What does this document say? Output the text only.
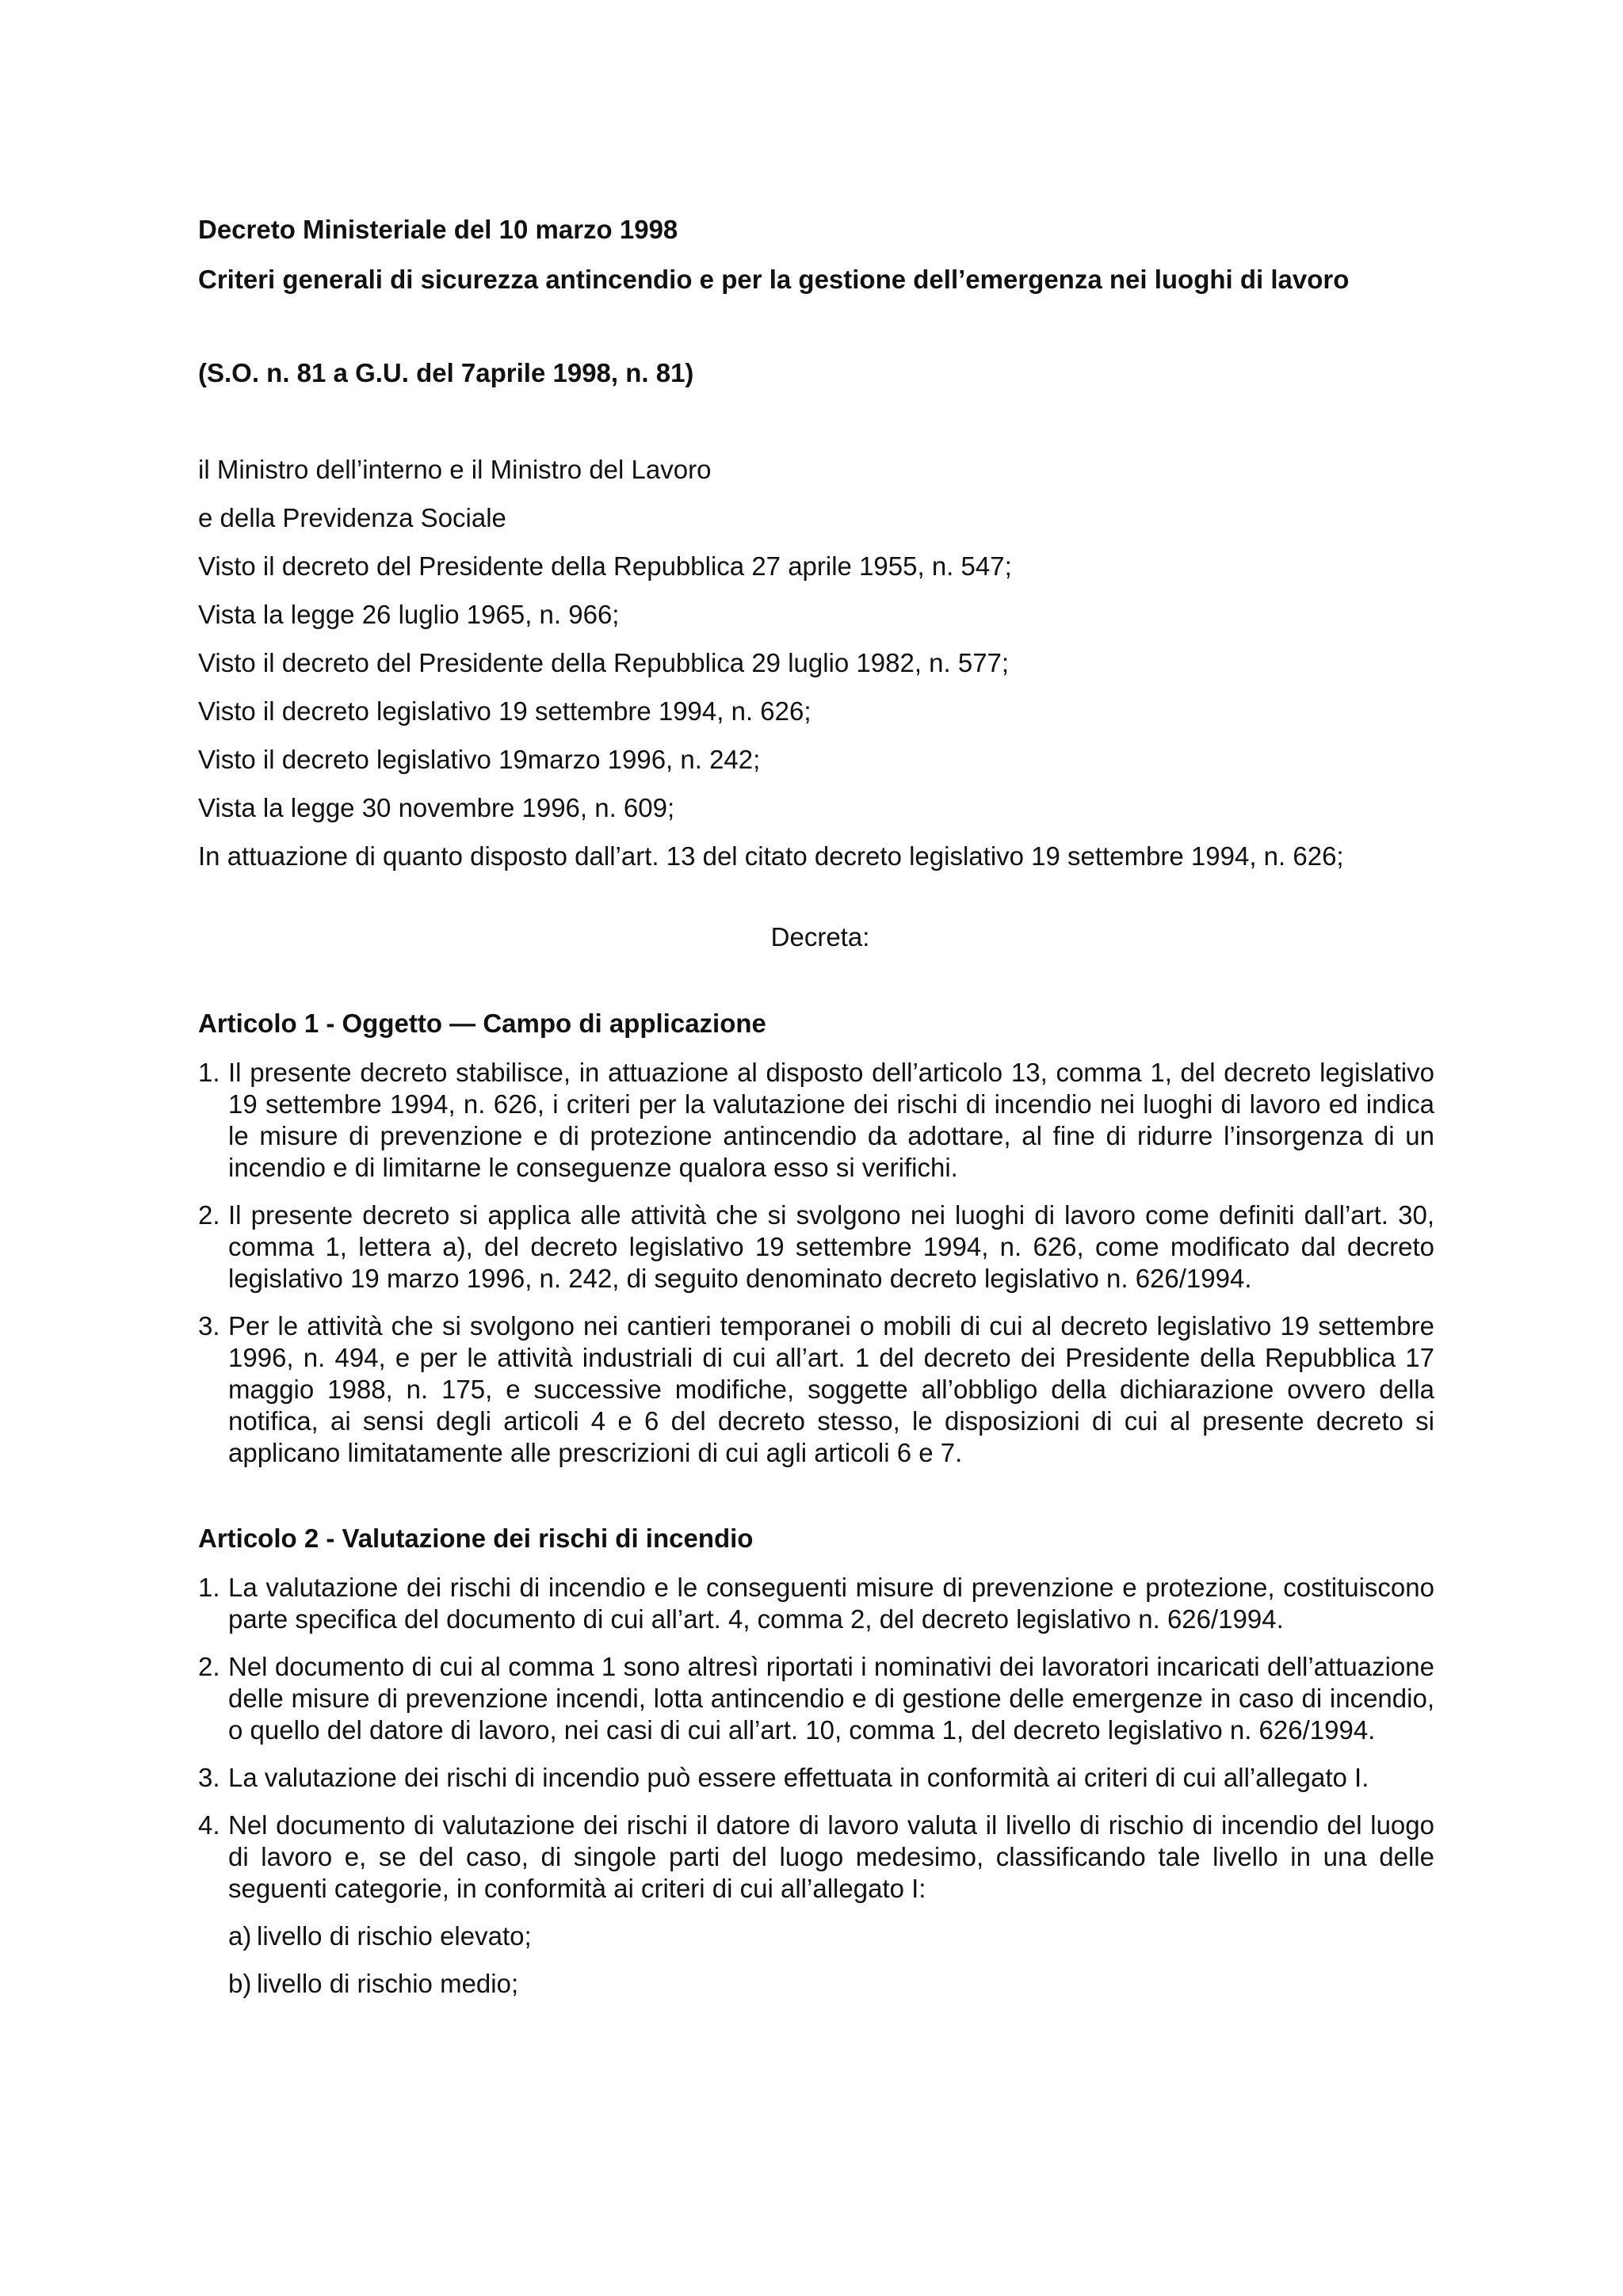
Decreto Ministeriale del 10 marzo 1998

Criteri generali di sicurezza antincendio e per la gestione dell’emergenza nei luoghi di lavoro

(S.O. n. 81 a G.U. del 7aprile 1998, n. 81)

il Ministro dell’interno e il Ministro del Lavoro

e della Previdenza Sociale

Visto il decreto del Presidente della Repubblica 27 aprile 1955, n. 547;

Vista la legge 26 luglio 1965, n. 966;

Visto il decreto del Presidente della Repubblica 29 luglio 1982, n. 577;

Visto il decreto legislativo 19 settembre 1994, n. 626;

Visto il decreto legislativo 19marzo 1996, n. 242;

Vista la legge 30 novembre 1996, n. 609;

In attuazione di quanto disposto dall’art. 13 del citato decreto legislativo 19 settembre 1994, n. 626;

Decreta:

Articolo 1 - Oggetto — Campo di applicazione

1. Il presente decreto stabilisce, in attuazione al disposto dell’articolo 13, comma 1, del decreto legislativo 19 settembre 1994, n. 626, i criteri per la valutazione dei rischi di incendio nei luoghi di lavoro ed indica le misure di prevenzione e di protezione antincendio da adottare, al fine di ridurre l’insorgenza di un incendio e di limitarne le conseguenze qualora esso si verifichi.
2. Il presente decreto si applica alle attività che si svolgono nei luoghi di lavoro come definiti dall’art. 30, comma 1, lettera a), del decreto legislativo 19 settembre 1994, n. 626, come modificato dal decreto legislativo 19 marzo 1996, n. 242, di seguito denominato decreto legislativo n. 626/1994.
3. Per le attività che si svolgono nei cantieri temporanei o mobili di cui al decreto legislativo 19 settembre 1996, n. 494, e per le attività industriali di cui all’art. 1 del decreto dei Presidente della Repubblica 17 maggio 1988, n. 175, e successive modifiche, soggette all’obbligo della dichiarazione ovvero della notifica, ai sensi degli articoli 4 e 6 del decreto stesso, le disposizioni di cui al presente decreto si applicano limitatamente alle prescrizioni di cui agli articoli 6 e 7.

Articolo 2 - Valutazione dei rischi di incendio

1. La valutazione dei rischi di incendio e le conseguenti misure di prevenzione e protezione, costituiscono parte specifica del documento di cui all’art. 4, comma 2, del decreto legislativo n. 626/1994.
2. Nel documento di cui al comma 1 sono altresì riportati i nominativi dei lavoratori incaricati dell’attuazione delle misure di prevenzione incendi, lotta antincendio e di gestione delle emergenze in caso di incendio, o quello del datore di lavoro, nei casi di cui all’art. 10, comma 1, del decreto legislativo n. 626/1994.
3. La valutazione dei rischi di incendio può essere effettuata in conformità ai criteri di cui all’allegato I.
4. Nel documento di valutazione dei rischi il datore di lavoro valuta il livello di rischio di incendio del luogo di lavoro e, se del caso, di singole parti del luogo medesimo, classificando tale livello in una delle seguenti categorie, in conformità ai criteri di cui all’allegato I:
a) livello di rischio elevato;
b) livello di rischio medio;
